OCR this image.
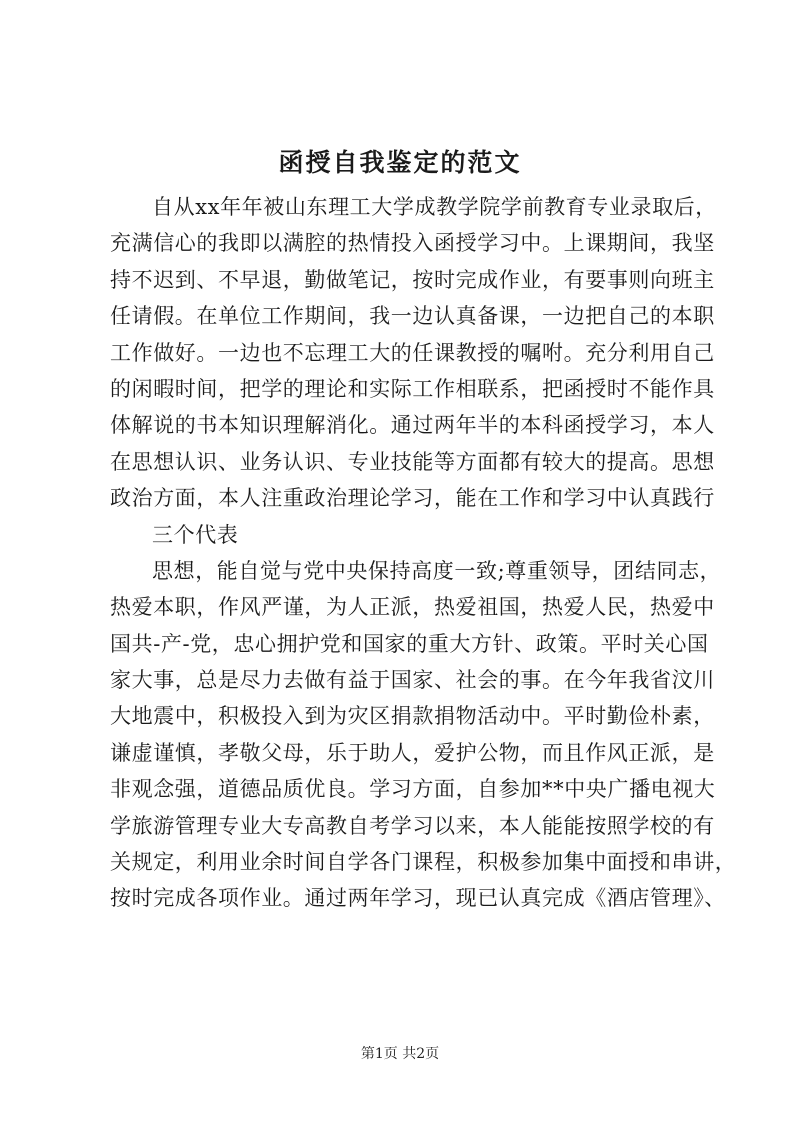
函授自我鉴定的范文
自从xx年年被山东理工大学成教学院学前教育专业录取后，
充满信心的我即以满腔的热情投入函授学习中。上课期间，我坚
持不迟到、不早退，勤做笔记，按时完成作业，有要事则向班主
任请假。在单位工作期间，我一边认真备课，一边把自己的本职
工作做好。一边也不忘理工大的任课教授的嘱咐。充分利用自己
的闲暇时间，把学的理论和实际工作相联系，把函授时不能作具
体解说的书本知识理解消化。通过两年半的本科函授学习，本人
在思想认识、业务认识、专业技能等方面都有较大的提高。思想
政治方面，本人注重政治理论学习，能在工作和学习中认真践行
三个代表
思想，能自觉与党中央保持高度一致;尊重领导，团结同志，
热爱本职，作风严谨，为人正派，热爱祖国，热爱人民，热爱中
国共-产-党，忠心拥护党和国家的重大方针、政策。平时关心国
家大事，总是尽力去做有益于国家、社会的事。在今年我省汶川
大地震中，积极投入到为灾区捐款捐物活动中。平时勤俭朴素，
谦虚谨慎，孝敬父母，乐于助人，爱护公物，而且作风正派，是
非观念强，道德品质优良。学习方面，自参加**中央广播电视大
学旅游管理专业大专高教自考学习以来，本人能能按照学校的有
关规定，利用业余时间自学各门课程，积极参加集中面授和串讲，
按时完成各项作业。通过两年学习，现已认真完成《酒店管理》、
第1页 共2页
